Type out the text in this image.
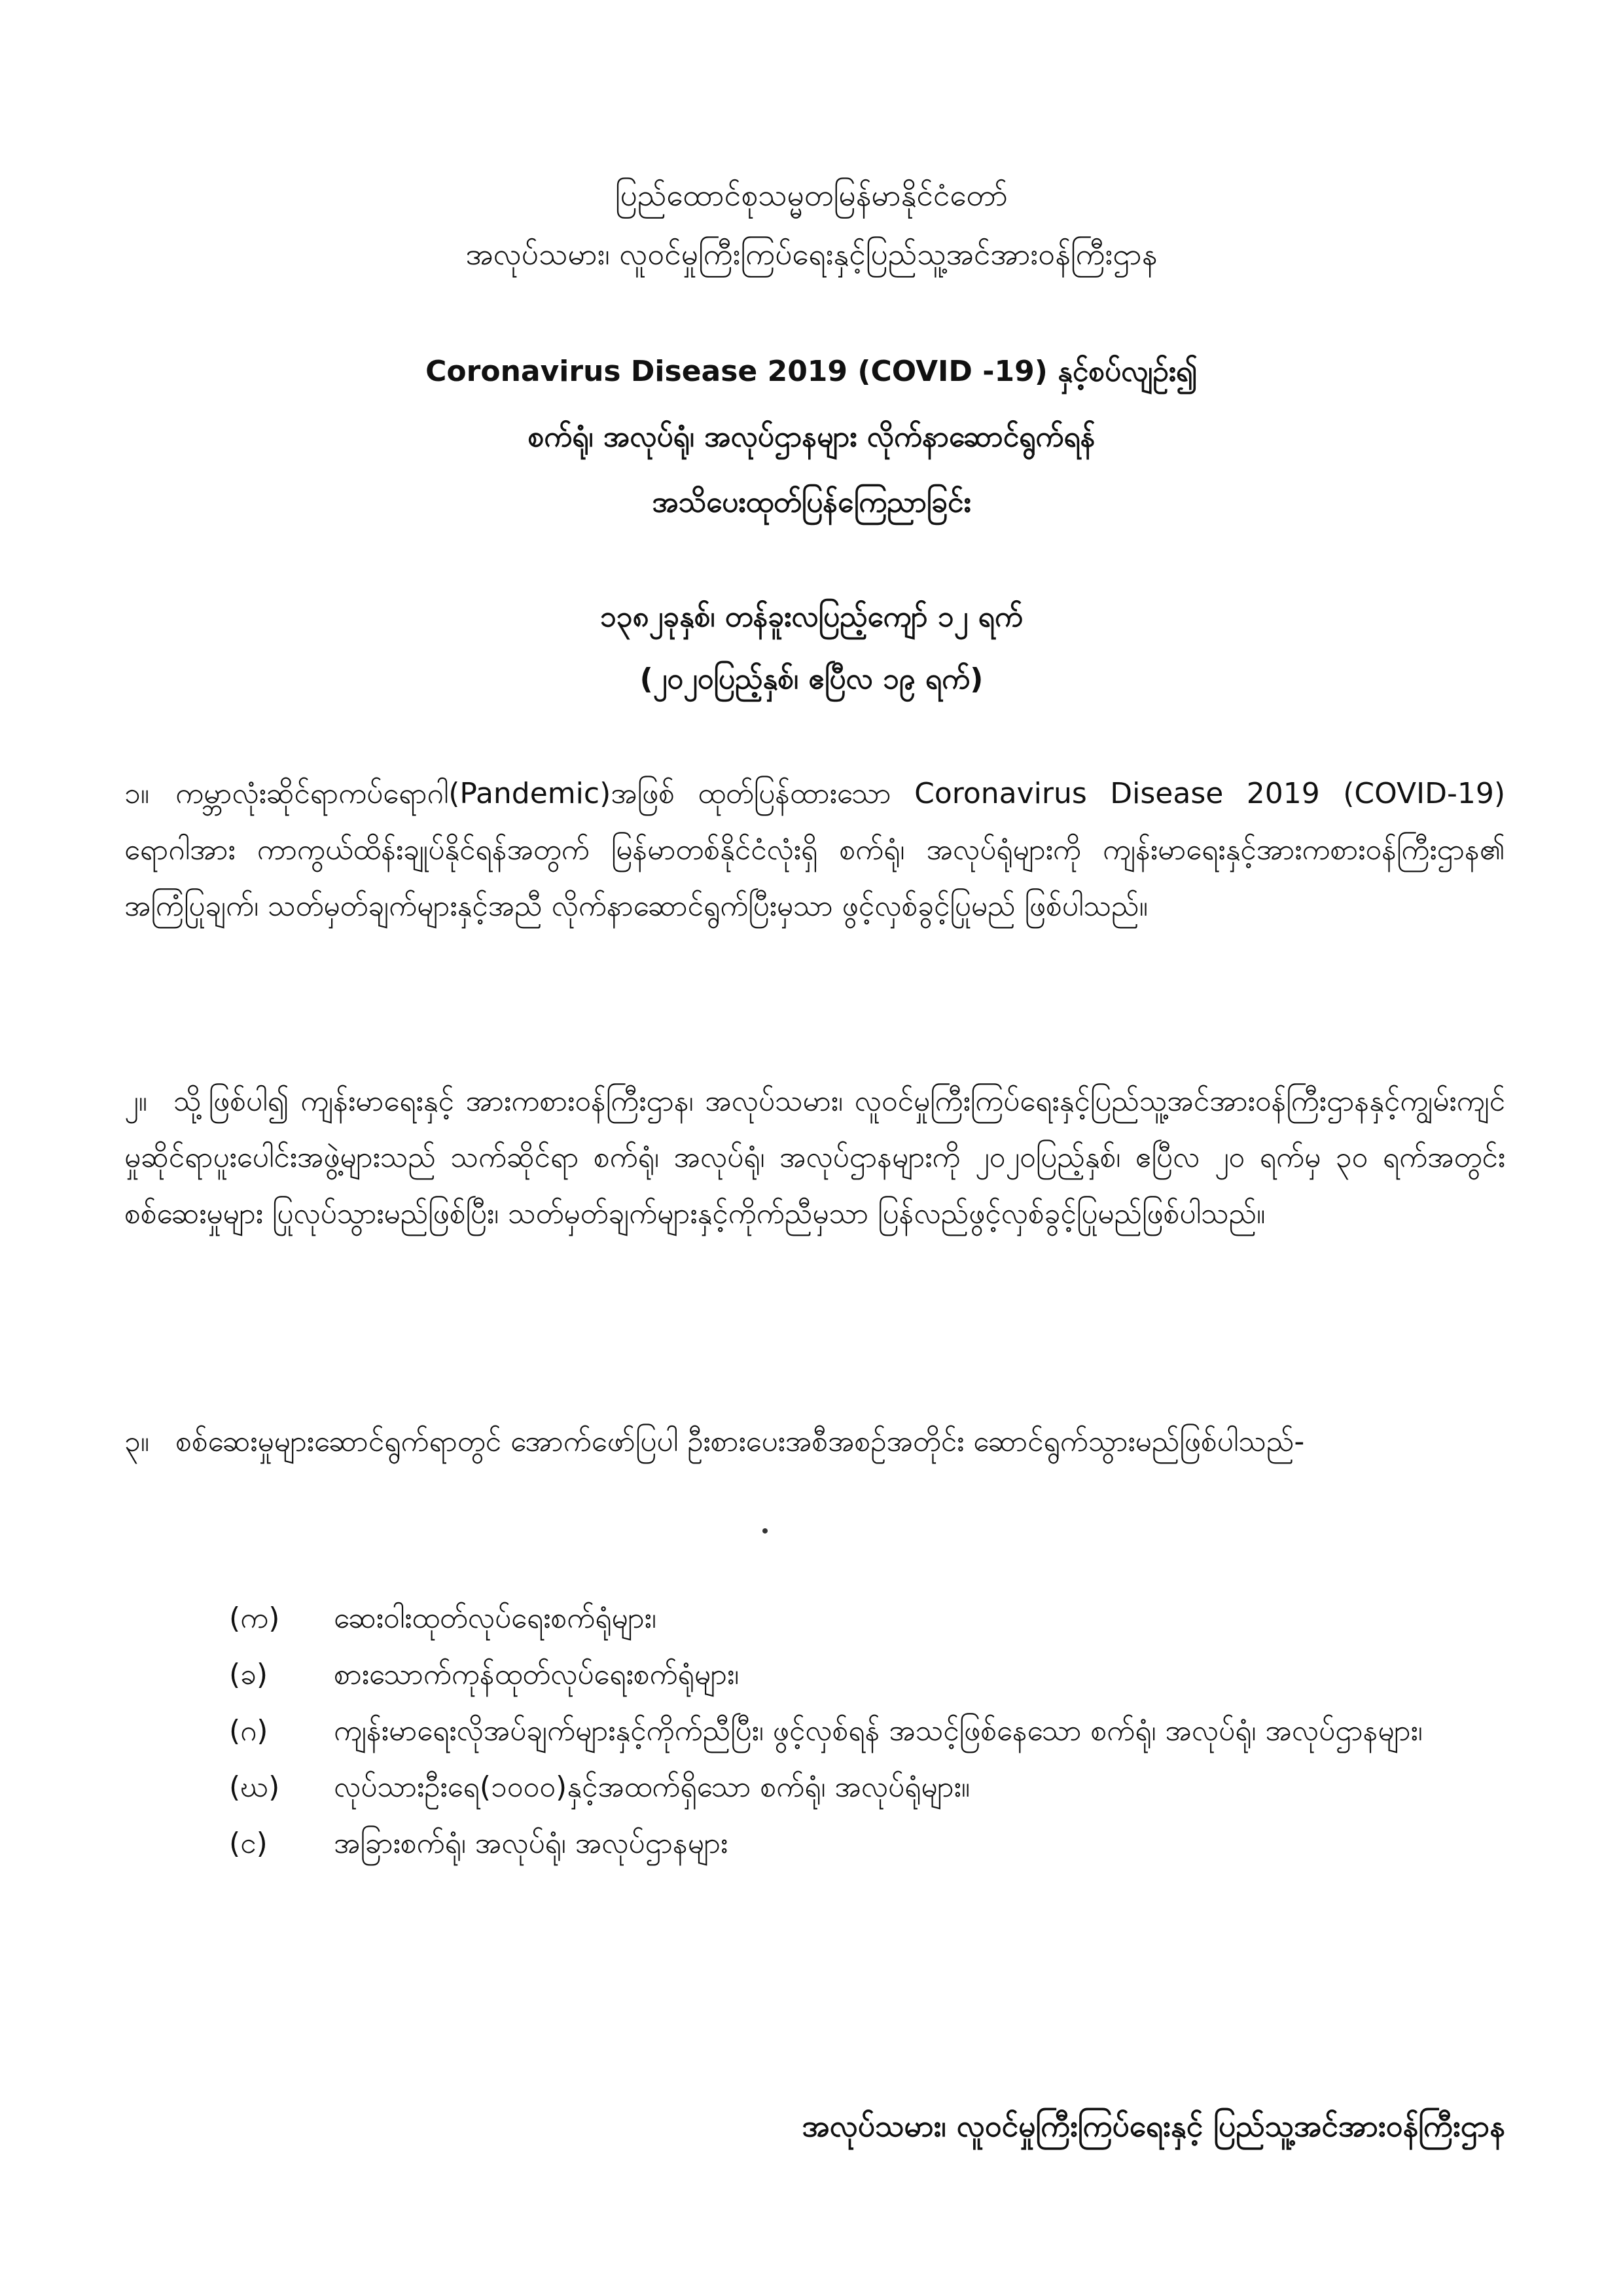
ပြည်ထောင်စုသမ္မတမြန်မာနိုင်ငံတော်
အလုပ်သမား၊ လူဝင်မှုကြီးကြပ်ရေးနှင့်ပြည်သူ့အင်အားဝန်ကြီးဌာန
Coronavirus Disease 2019 (COVID -19) နှင့်စပ်လျဉ်း၍
စက်ရုံ၊ အလုပ်ရုံ၊ အလုပ်ဌာနများ လိုက်နာဆောင်ရွက်ရန်
အသိပေးထုတ်ပြန်ကြေညာခြင်း
၁၃၈၂ခုနှစ်၊ တန်ခူးလပြည့်ကျော် ၁၂ ရက်
(၂၀၂၀ပြည့်နှစ်၊ ဧပြီလ ၁၉ ရက်)
၁။ ကမ္ဘာလုံးဆိုင်ရာကပ်ရောဂါ(Pandemic)အဖြစ် ထုတ်ပြန်ထားသော Coronavirus Disease 2019 (COVID-19) ရောဂါအား ကာကွယ်ထိန်းချုပ်နိုင်ရန်အတွက် မြန်မာတစ်နိုင်ငံလုံးရှိ စက်ရုံ၊ အလုပ်ရုံများကို ကျန်းမာရေးနှင့်အားကစားဝန်ကြီးဌာန၏ အကြံပြုချက်၊ သတ်မှတ်ချက်များနှင့်အညီ လိုက်နာဆောင်ရွက်ပြီးမှသာ ဖွင့်လှစ်ခွင့်ပြုမည် ဖြစ်ပါသည်။
၂။ သို့ဖြစ်ပါ၍ ကျန်းမာရေးနှင့် အားကစားဝန်ကြီးဌာန၊ အလုပ်သမား၊ လူဝင်မှုကြီးကြပ်ရေးနှင့်ပြည်သူ့အင်အားဝန်ကြီးဌာနနှင့်ကျွမ်းကျင်မှုဆိုင်ရာပူးပေါင်းအဖွဲ့များသည် သက်ဆိုင်ရာ စက်ရုံ၊ အလုပ်ရုံ၊ အလုပ်ဌာနများကို ၂၀၂၀ပြည့်နှစ်၊ ဧပြီလ ၂၀ ရက်မှ ၃၀ ရက်အတွင်း စစ်ဆေးမှုများ ပြုလုပ်သွားမည်ဖြစ်ပြီး၊ သတ်မှတ်ချက်များနှင့်ကိုက်ညီမှသာ ပြန်လည်ဖွင့်လှစ်ခွင့်ပြုမည်ဖြစ်ပါသည်။
၃။ စစ်ဆေးမှုများဆောင်ရွက်ရာတွင် အောက်ဖော်ပြပါ ဦးစားပေးအစီအစဉ်အတိုင်း ဆောင်ရွက်သွားမည်ဖြစ်ပါသည်-
(က) ဆေးဝါးထုတ်လုပ်ရေးစက်ရုံများ၊
(ခ) စားသောက်ကုန်ထုတ်လုပ်ရေးစက်ရုံများ၊
(ဂ) ကျန်းမာရေးလိုအပ်ချက်များနှင့်ကိုက်ညီပြီး၊ ဖွင့်လှစ်ရန် အသင့်ဖြစ်နေသော စက်ရုံ၊ အလုပ်ရုံ၊ အလုပ်ဌာနများ၊
(ဃ) လုပ်သားဦးရေ(၁၀၀၀)နှင့်အထက်ရှိသော စက်ရုံ၊ အလုပ်ရုံများ။
(င) အခြားစက်ရုံ၊ အလုပ်ရုံ၊ အလုပ်ဌာနများ
အလုပ်သမား၊ လူဝင်မှုကြီးကြပ်ရေးနှင့် ပြည်သူ့အင်အားဝန်ကြီးဌာန
